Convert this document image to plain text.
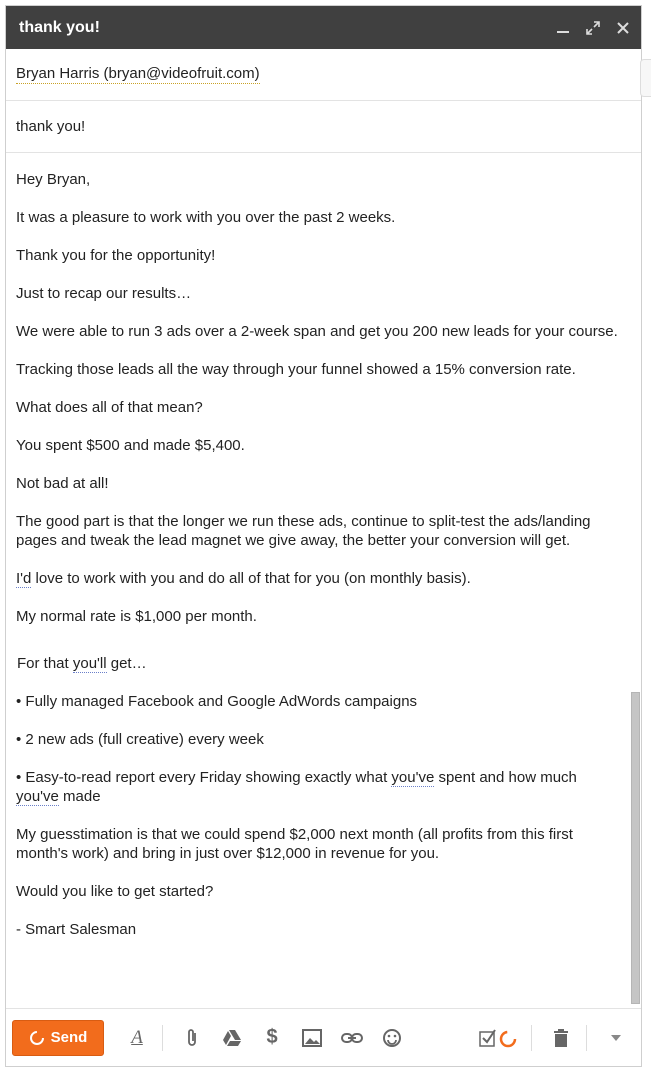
thank you!
Bryan Harris (bryan@videofruit.com)
thank you!

Hey Bryan,

It was a pleasure to work with you over the past 2 weeks.

Thank you for the opportunity!

Just to recap our results…

We were able to run 3 ads over a 2-week span and get you 200 new leads for your course.

Tracking those leads all the way through your funnel showed a 15% conversion rate.

What does all of that mean?

You spent $500 and made $5,400.

Not bad at all!

The good part is that the longer we run these ads, continue to split-test the ads/landing pages and tweak the lead magnet we give away, the better your conversion will get.

I'd love to work with you and do all of that for you (on monthly basis).

My normal rate is $1,000 per month.

For that you'll get…

• Fully managed Facebook and Google AdWords campaigns

• 2 new ads (full creative) every week

• Easy-to-read report every Friday showing exactly what you've spent and how much you've made

My guesstimation is that we could spend $2,000 next month (all profits from this first month's work) and bring in just over $12,000 in revenue for you.

Would you like to get started?

- Smart Salesman

Send A	$
